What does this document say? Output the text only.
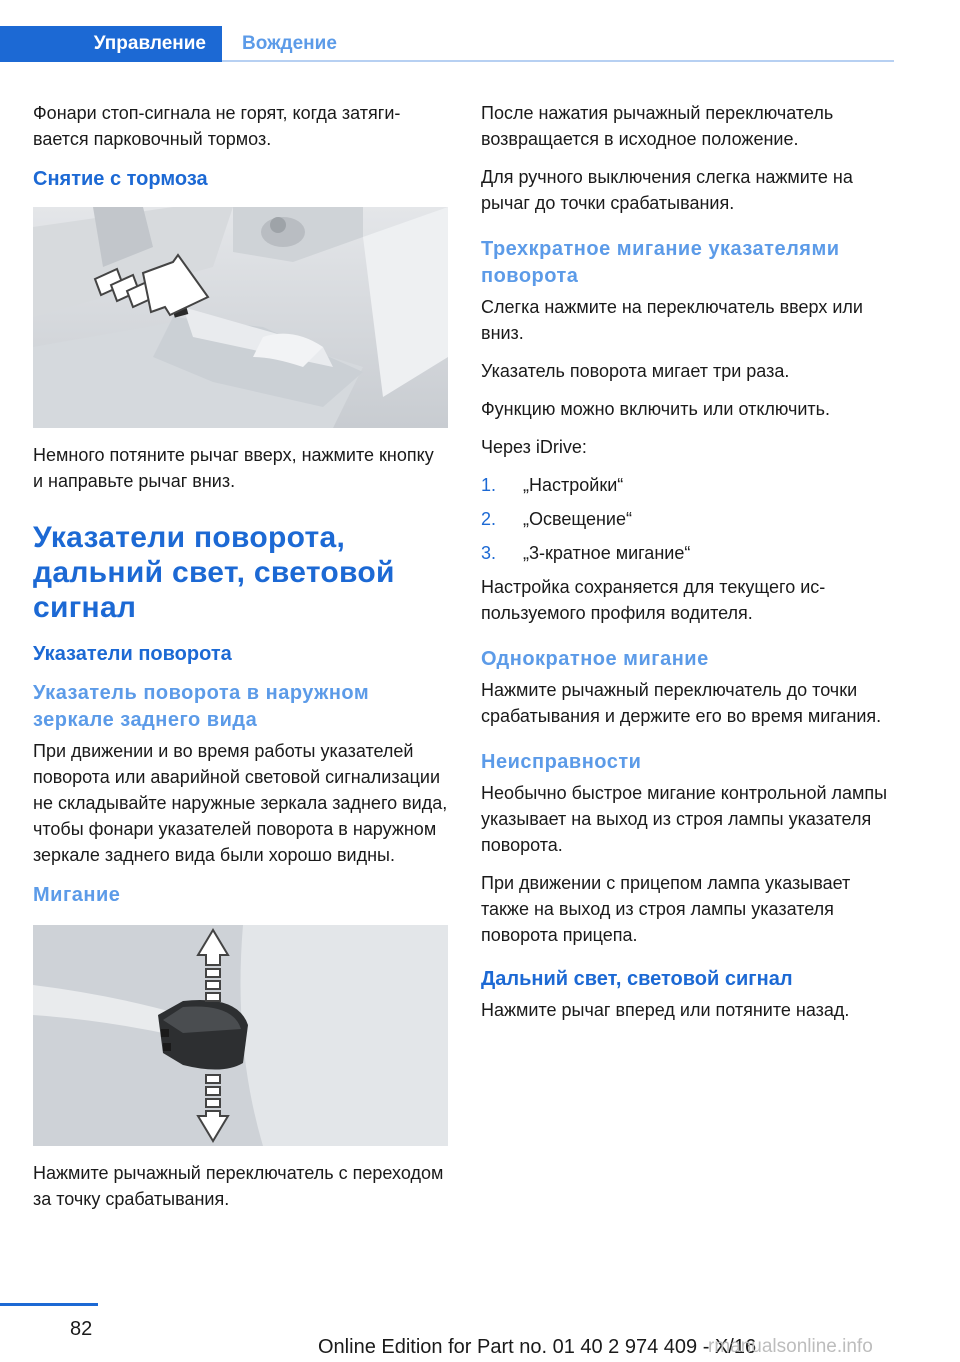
Управление	Вождение

Фонари стоп-сигнала не горят, когда затягивается парковочный тормоз.

Снятие с тормоза

Немного потяните рычаг вверх, нажмите кнопку и направьте рычаг вниз.

Указатели поворота, дальний свет, световой сигнал
Указатели поворота
Указатель поворота в наружном зеркале заднего вида

При движении и во время работы указателей поворота или аварийной световой сигнализации не складывайте наружные зеркала заднего вида, чтобы фонари указателей поворота в наружном зеркале заднего вида были хорошо видны.

Мигание

Нажмите рычажный переключатель с переходом за точку срабатывания.

После нажатия рычажный переключатель возвращается в исходное положение.

Для ручного выключения слегка нажмите на рычаг до точки срабатывания.

Трехкратное мигание указателями поворота

Слегка нажмите на переключатель вверх или вниз.

Указатель поворота мигает три раза.

Функцию можно включить или отключить.

Через iDrive:

1.	„Настройки“
2.	„Освещение“
3.	„3-кратное мигание“

Настройка сохраняется для текущего используемого профиля водителя.

Однократное мигание

Нажмите рычажный переключатель до точки срабатывания и держите его во время мигания.

Неисправности

Необычно быстрое мигание контрольной лампы указывает на выход из строя лампы указателя поворота.

При движении с прицепом лампа указывает также на выход из строя лампы указателя поворота прицепа.

Дальний свет, световой сигнал

Нажмите рычаг вперед или потяните назад.

82
Online Edition for Part no. 01 40 2 974 409 - X/16
rmanualsonline.info
